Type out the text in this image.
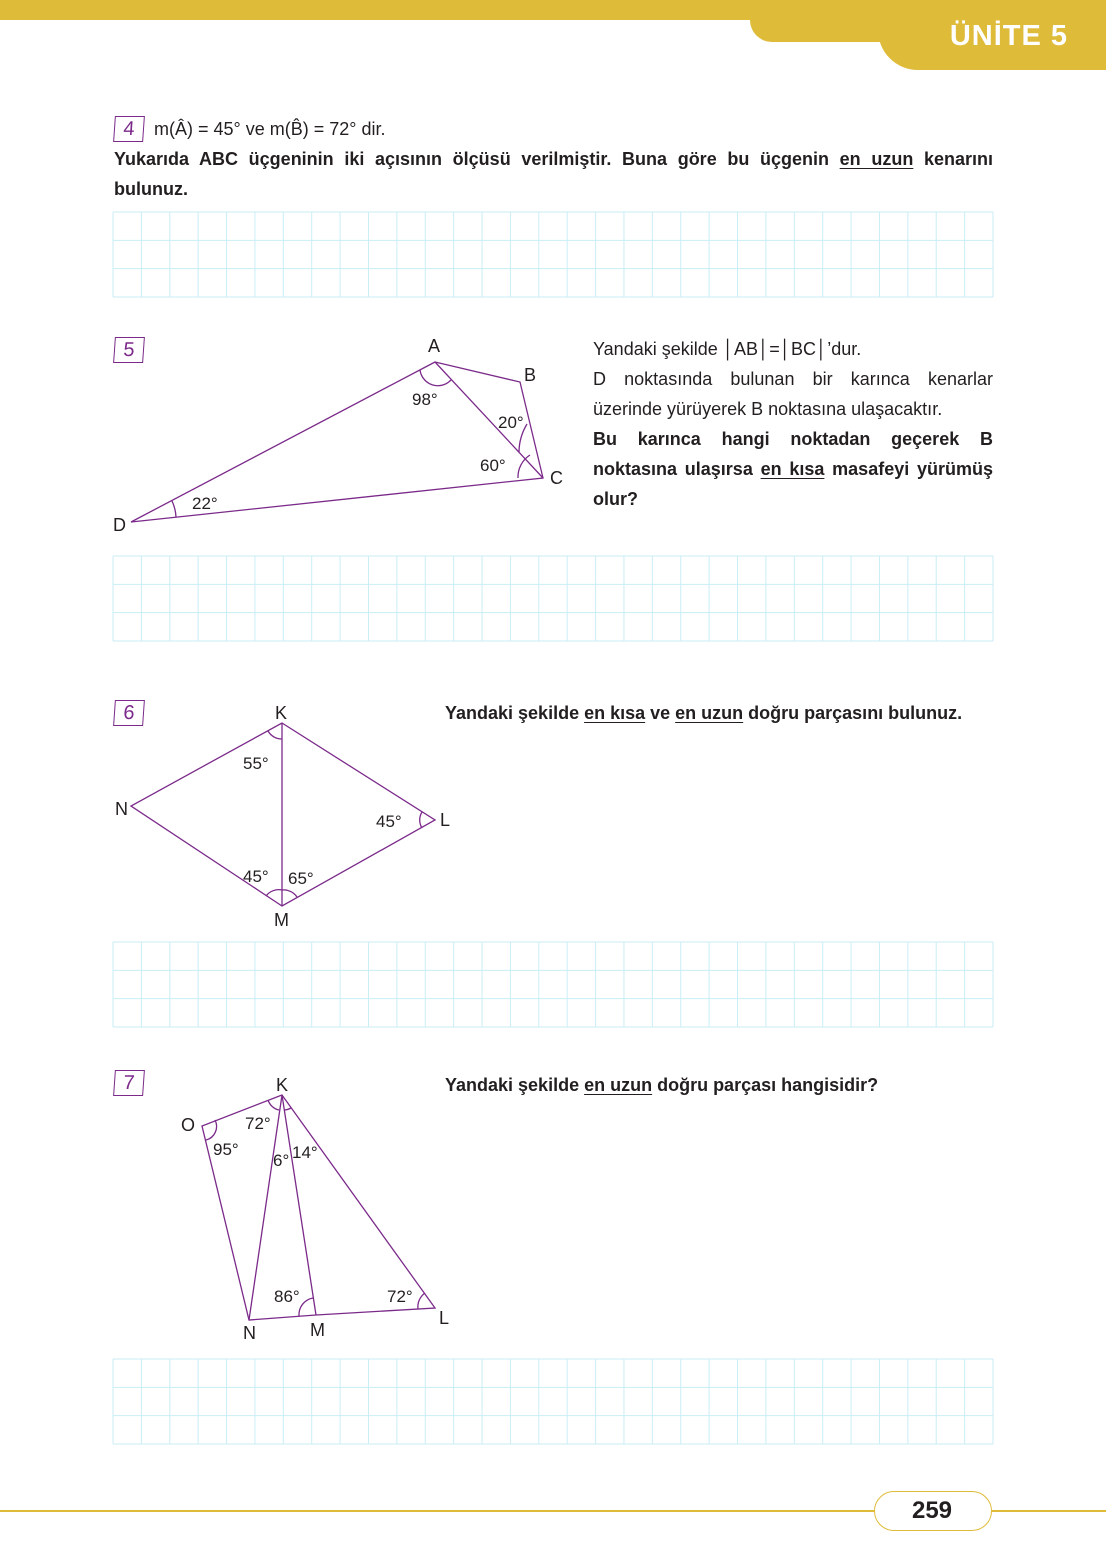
ÜNİTE 5
A
B
C
D
98°
20°
60°
22°
K
L
M
N
55°
45°
45° 65°
K
O
N	M
L
72°
95°
6° 14°
86°	72°
4	m(Â) = 45° ve m(B̂) = 72° dir.
Yukarıda ABC üçgeninin iki açısının ölçüsü verilmiştir. Buna göre bu üçgenin en uzun kenarını bulunuz.
5	Yandaki şekilde │AB│=│BC│’dur.
D noktasında bulunan bir karınca kenarlar üzerinde yürüyerek B noktasına ulaşacaktır.
Bu karınca hangi noktadan geçerek B noktasına ulaşırsa en kısa masafeyi yürümüş olur?
6	Yandaki şekilde en kısa ve en uzun doğru parçasını bulunuz.
7	Yandaki şekilde en uzun doğru parçası hangisidir?
259
